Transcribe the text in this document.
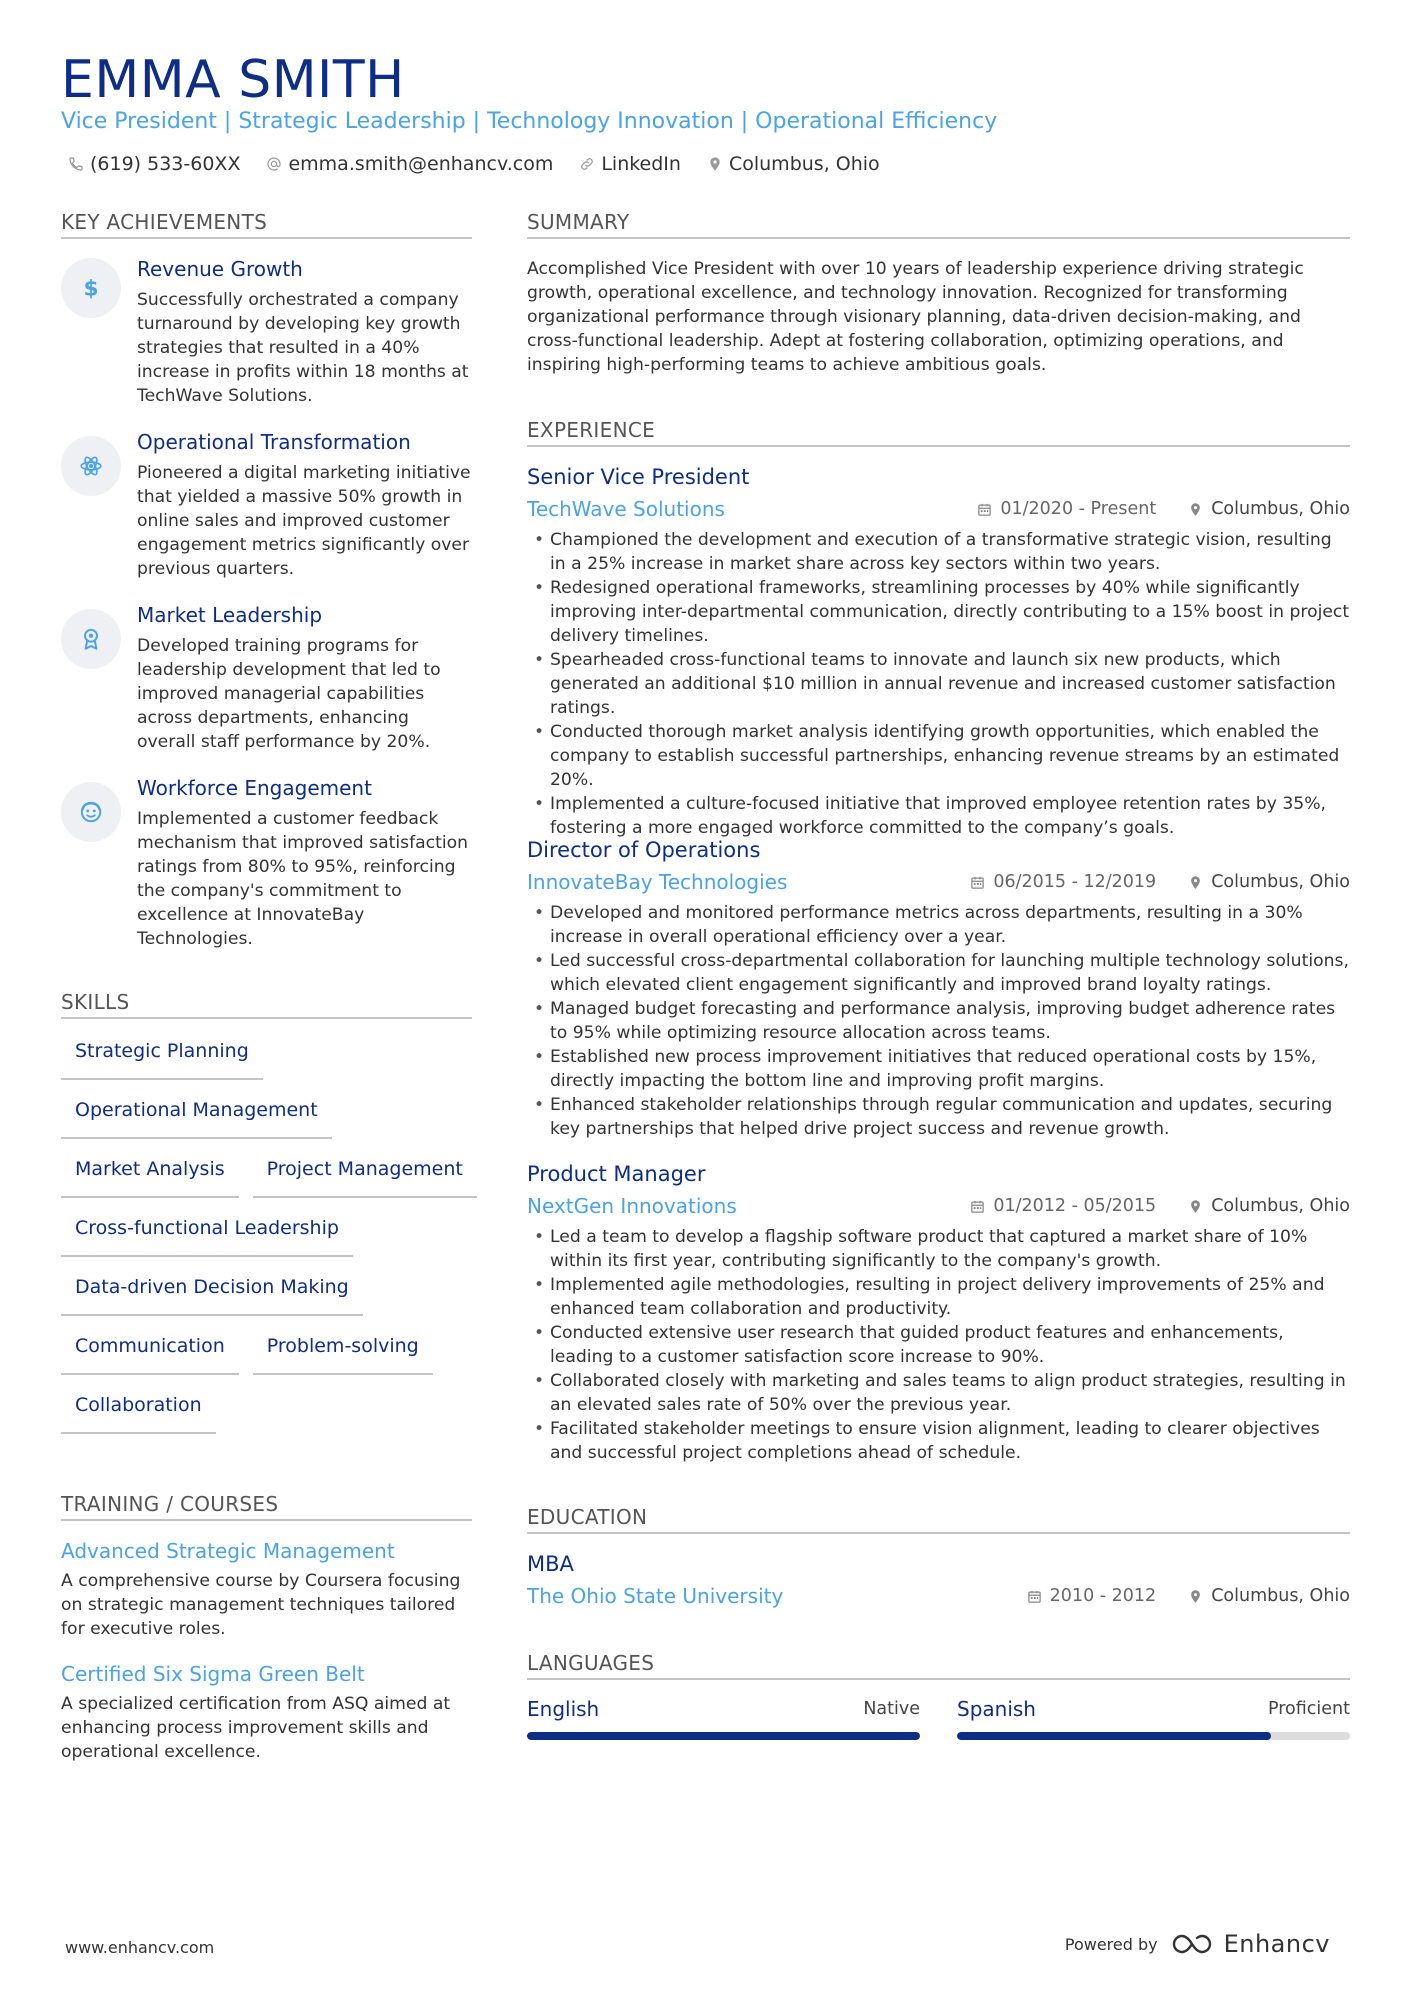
EMMA SMITH
Vice President | Strategic Leadership | Technology Innovation | Operational Efficiency
(619) 533-60XX	emma.smith@enhancv.com	LinkedIn	Columbus, Ohio
KEY ACHIEVEMENTS
$
Revenue Growth
Successfully orchestrated a company turnaround by developing key growth strategies that resulted in a 40% increase in profits within 18 months at TechWave Solutions.
Operational Transformation
Pioneered a digital marketing initiative that yielded a massive 50% growth in online sales and improved customer engagement metrics significantly over previous quarters.
Market Leadership
Developed training programs for leadership development that led to improved managerial capabilities across departments, enhancing overall staff performance by 20%.
Workforce Engagement
Implemented a customer feedback mechanism that improved satisfaction ratings from 80% to 95%, reinforcing the company's commitment to excellence at InnovateBay Technologies.
SKILLS
Strategic Planning
Operational Management
Market Analysis	Project Management
Cross-functional Leadership
Data-driven Decision Making
Communication	Problem-solving
Collaboration
TRAINING / COURSES
Advanced Strategic Management
A comprehensive course by Coursera focusing on strategic management techniques tailored for executive roles.
Certified Six Sigma Green Belt
A specialized certification from ASQ aimed at enhancing process improvement skills and operational excellence.
SUMMARY
Accomplished Vice President with over 10 years of leadership experience driving strategic growth, operational excellence, and technology innovation. Recognized for transforming organizational performance through visionary planning, data-driven decision-making, and cross-functional leadership. Adept at fostering collaboration, optimizing operations, and inspiring high-performing teams to achieve ambitious goals.
EXPERIENCE
Senior Vice President
TechWave Solutions	01/2020 - Present	Columbus, Ohio
• Championed the development and execution of a transformative strategic vision, resulting in a 25% increase in market share across key sectors within two years.
• Redesigned operational frameworks, streamlining processes by 40% while significantly improving inter-departmental communication, directly contributing to a 15% boost in project delivery timelines.
• Spearheaded cross-functional teams to innovate and launch six new products, which generated an additional $10 million in annual revenue and increased customer satisfaction ratings.
• Conducted thorough market analysis identifying growth opportunities, which enabled the company to establish successful partnerships, enhancing revenue streams by an estimated 20%.
• Implemented a culture-focused initiative that improved employee retention rates by 35%, fostering a more engaged workforce committed to the company’s goals.
Director of Operations
InnovateBay Technologies	06/2015 - 12/2019	Columbus, Ohio
• Developed and monitored performance metrics across departments, resulting in a 30% increase in overall operational efficiency over a year.
• Led successful cross-departmental collaboration for launching multiple technology solutions, which elevated client engagement significantly and improved brand loyalty ratings.
• Managed budget forecasting and performance analysis, improving budget adherence rates to 95% while optimizing resource allocation across teams.
• Established new process improvement initiatives that reduced operational costs by 15%, directly impacting the bottom line and improving profit margins.
• Enhanced stakeholder relationships through regular communication and updates, securing key partnerships that helped drive project success and revenue growth.
Product Manager
NextGen Innovations	01/2012 - 05/2015	Columbus, Ohio
• Led a team to develop a flagship software product that captured a market share of 10% within its first year, contributing significantly to the company's growth.
• Implemented agile methodologies, resulting in project delivery improvements of 25% and enhanced team collaboration and productivity.
• Conducted extensive user research that guided product features and enhancements, leading to a customer satisfaction score increase to 90%.
• Collaborated closely with marketing and sales teams to align product strategies, resulting in an elevated sales rate of 50% over the previous year.
• Facilitated stakeholder meetings to ensure vision alignment, leading to clearer objectives and successful project completions ahead of schedule.
EDUCATION
MBA
The Ohio State University	2010 - 2012	Columbus, Ohio
LANGUAGES
English	Native Spanish	Proficient
www.enhancv.com	Powered by	Enhancv
